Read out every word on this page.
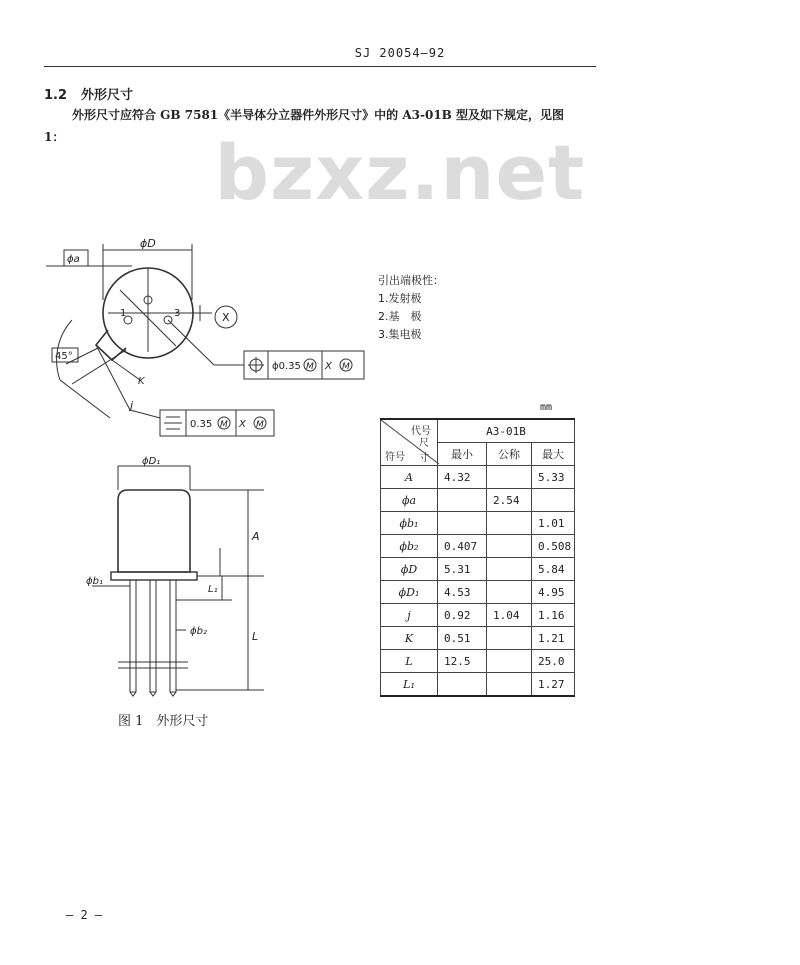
SJ 20054—92
1.2 外形尺寸
外形尺寸应符合 GB 7581《半导体分立器件外形尺寸》中的 A3-01B 型及如下规定，见图
1：	bzxz.net
ϕD
ϕa
1	3	X
45°
K
j
ϕ0.35 M X M
0.35 M X M
ϕD₁
A
L₁
ϕb₁
ϕb₂	L
引出端极性：
1.发射极
2.基　极
3.集电极
mm
代号
尺寸
符号	A3-01B		
	最小	公称	最大
A	4.32		5.33
ϕa		2.54	
ϕb₁			1.01
ϕb₂	0.407		0.508
ϕD	5.31		5.84
ϕD₁	4.53		4.95
j	0.92	1.04	1.16
K	0.51		1.21
L	12.5		25.0
L₁			1.27
图 1　外形尺寸
— 2 —
